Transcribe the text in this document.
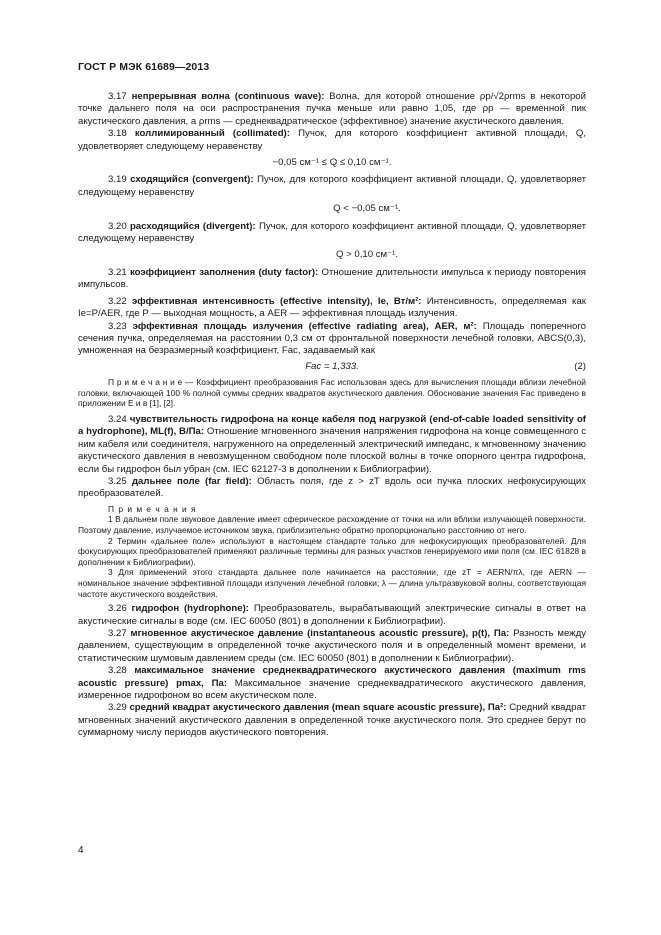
ГОСТ Р МЭК 61689—2013

3.17 непрерывная волна (continuous wave): Волна, для которой отношение ρp/√2ρrms в некоторой точке дальнего поля на оси распространения пучка меньше или равно 1,05, где ρp — временной пик акустического давления, а ρrms — среднеквадратическое (эффективное) значение акустического давления.

3.18 коллимированный (collimated): Пучок, для которого коэффициент активной площади, Q, удовлетворяет следующему неравенству

−0,05 см⁻¹ ≤ Q ≤ 0,10 см⁻¹.

3.19 сходящийся (convergent): Пучок, для которого коэффициент активной площади, Q, удовлетворяет следующему неравенству

Q < −0,05 см⁻¹.

3.20 расходящийся (divergent): Пучок, для которого коэффициент активной площади, Q, удовлетворяет следующему неравенству

Q > 0,10 см⁻¹.

3.21 коэффициент заполнения (duty factor): Отношение длительности импульса к периоду повторения импульсов.

3.22 эффективная интенсивность (effective intensity), Ie, Вт/м²: Интенсивность, определяемая как Ie=P/AER, где P — выходная мощность, а AER — эффективная площадь излучения.

3.23 эффективная площадь излучения (effective radiating area), AER, м²: Площадь поперечного сечения пучка, определяемая на расстоянии 0,3 см от фронтальной поверхности лечебной головки, ABCS(0,3), умноженная на безразмерный коэффициент, Fac, задаваемый как

Fac = 1,333.	(2)

П р и м е ч а н и е — Коэффициент преобразования Fac использован здесь для вычисления площади вблизи лечебной головки, включающей 100 % полной суммы средних квадратов акустического давления. Обоснование значения Fac приведено в приложении E и в [1], [2].

3.24 чувствительность гидрофона на конце кабеля под нагрузкой (end-of-cable loaded sensitivity of a hydrophone), ML(f), В/Па: Отношение мгновенного значения напряжения гидрофона на конце совмещенного с ним кабеля или соединителя, нагруженного на определенный электрический импеданс, к мгновенному значению акустического давления в невозмущенном свободном поле плоской волны в точке опорного центра гидрофона, если бы гидрофон был убран (см. IEC 62127-3 в дополнении к Библиографии).

3.25 дальнее поле (far field): Область поля, где z > zT вдоль оси пучка плоских нефокусирующих преобразователей.

П р и м е ч а н и я

1 В дальнем поле звуковое давление имеет сферическое расхождение от точки на или вблизи излучающей поверхности. Поэтому давление, излучаемое источником звука, приблизительно обратно пропорционально расстоянию от него.

2 Термин «дальнее поле» используют в настоящем стандарте только для нефокусирующих преобразователей. Для фокусирующих преобразователей применяют различные термины для разных участков генерируемого ими поля (см. IEC 61828 в дополнении к Библиографии).

3 Для применений этого стандарта дальнее поле начинается на расстоянии, где zT = AERN/πλ, где AERN — номинальное значение эффективной площади излучения лечебной головки; λ — длина ультразвуковой волны, соответствующая частоте акустического воздействия.

3.26 гидрофон (hydrophone): Преобразователь, вырабатывающий электрические сигналы в ответ на акустические сигналы в воде (см. IEC 60050 (801) в дополнении к Библиографии).

3.27 мгновенное акустическое давление (instantaneous acoustic pressure), p(t), Па: Разность между давлением, существующим в определенной точке акустического поля и в определенный момент времени, и статистическим шумовым давлением среды (см. IEC 60050 (801) в дополнении к Библиографии).

3.28 максимальное значение среднеквадратического акустического давления (maximum rms acoustic pressure) pmax, Па: Максимальное значение среднеквадратического акустического давления, измеренное гидрофоном во всем акустическом поле.

3.29 средний квадрат акустического давления (mean square acoustic pressure), Па²: Средний квадрат мгновенных значений акустического давления в определенной точке акустического поля. Это среднее берут по суммарному числу периодов акустического повторения.

4
